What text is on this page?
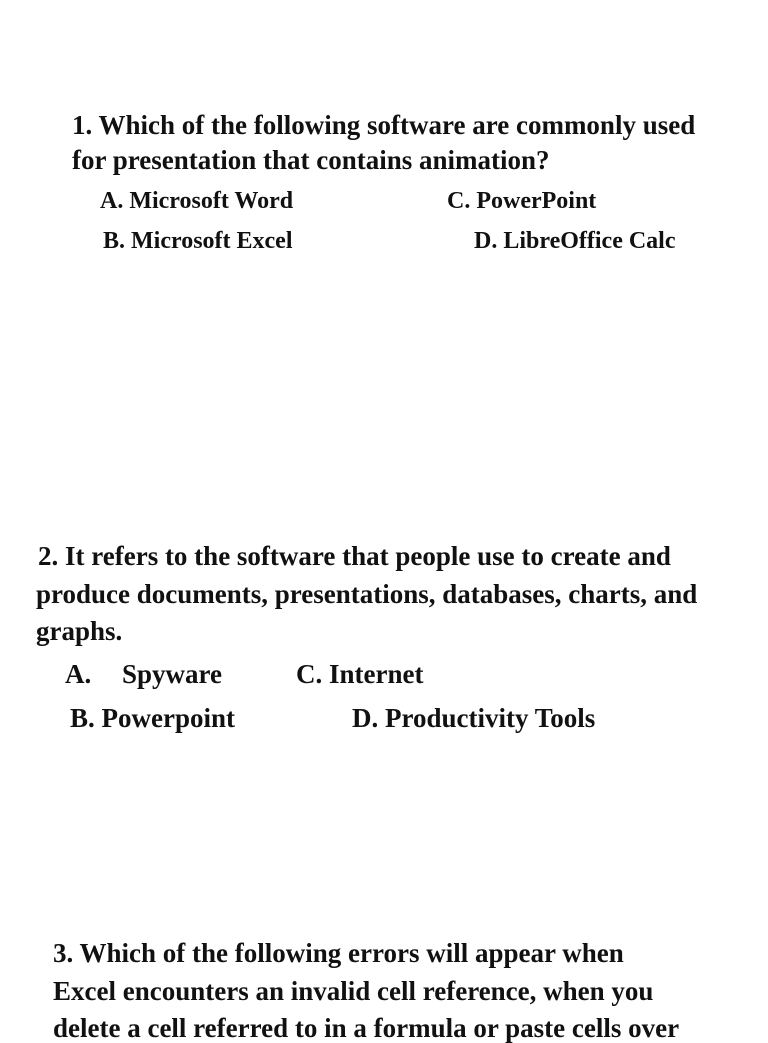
1. Which of the following software are commonly used
for presentation that contains animation?
A. Microsoft Word	C. PowerPoint
B. Microsoft Excel	D. LibreOffice Calc
2. It refers to the software that people use to create and
produce documents, presentations, databases, charts, and
graphs.
A. Spyware	C. Internet
B. Powerpoint	D. Productivity Tools
3. Which of the following errors will appear when
Excel encounters an invalid cell reference, when you
delete a cell referred to in a formula or paste cells over
